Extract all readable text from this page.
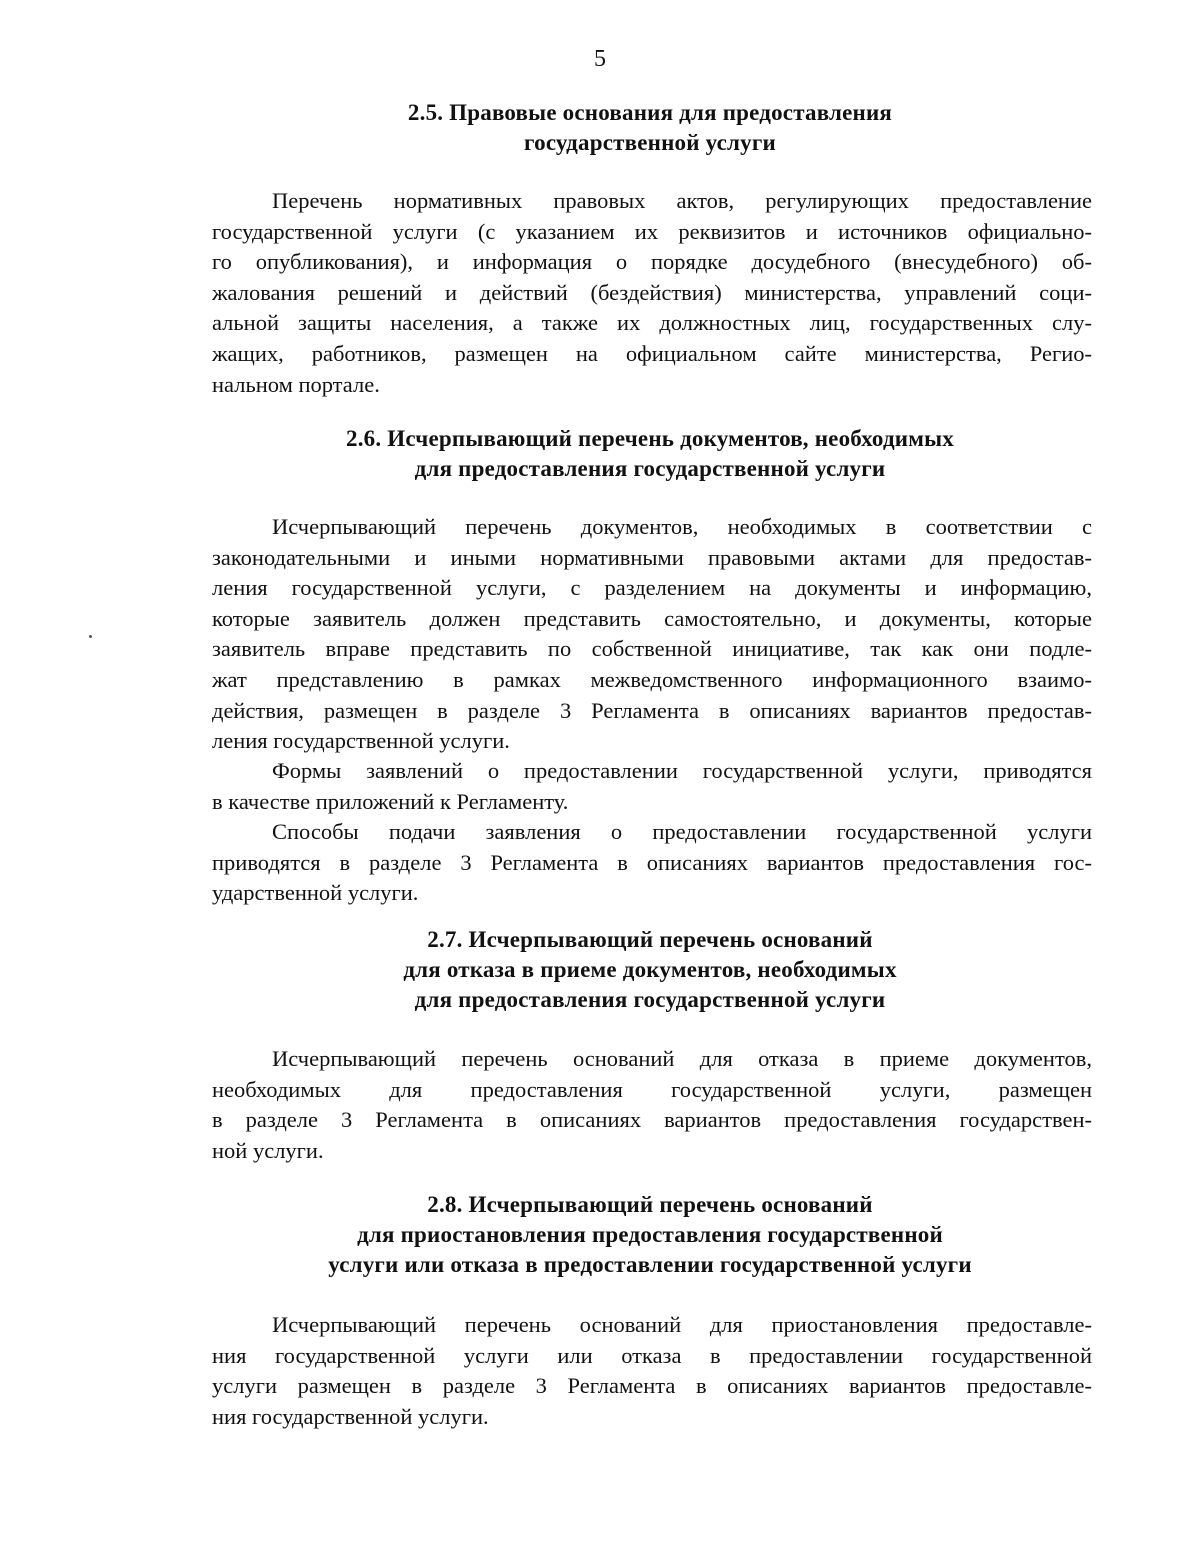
5
2.5. Правовые основания для предоставления
государственной услуги
Перечень нормативных правовых актов, регулирующих предоставление
государственной услуги (с указанием их реквизитов и источников официально-
го опубликования), и информация о порядке досудебного (внесудебного) об-
жалования решений и действий (бездействия) министерства, управлений соци-
альной защиты населения, а также их должностных лиц, государственных слу-
жащих, работников, размещен на официальном сайте министерства, Регио-
нальном портале.
2.6. Исчерпывающий перечень документов, необходимых
для предоставления государственной услуги
Исчерпывающий перечень документов, необходимых в соответствии с
законодательными и иными нормативными правовыми актами для предостав-
ления государственной услуги, с разделением на документы и информацию,
которые заявитель должен представить самостоятельно, и документы, которые
заявитель вправе представить по собственной инициативе, так как они подле-
жат представлению в рамках межведомственного информационного взаимо-
действия, размещен в разделе 3 Регламента в описаниях вариантов предостав-
ления государственной услуги.
Формы заявлений о предоставлении государственной услуги, приводятся
в качестве приложений к Регламенту.
Способы подачи заявления о предоставлении государственной услуги
приводятся в разделе 3 Регламента в описаниях вариантов предоставления гос-
ударственной услуги.
2.7. Исчерпывающий перечень оснований
для отказа в приеме документов, необходимых
для предоставления государственной услуги
Исчерпывающий перечень оснований для отказа в приеме документов,
необходимых для предоставления государственной услуги, размещен
в разделе 3 Регламента в описаниях вариантов предоставления государствен-
ной услуги.
2.8. Исчерпывающий перечень оснований
для приостановления предоставления государственной
услуги или отказа в предоставлении государственной услуги
Исчерпывающий перечень оснований для приостановления предоставле-
ния государственной услуги или отказа в предоставлении государственной
услуги размещен в разделе 3 Регламента в описаниях вариантов предоставле-
ния государственной услуги.
